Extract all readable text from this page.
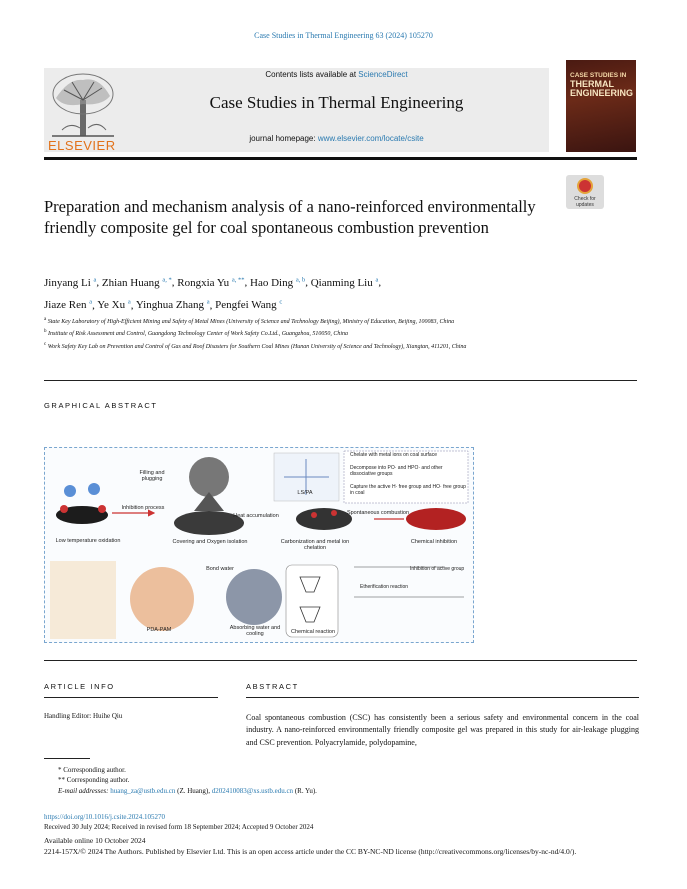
Case Studies in Thermal Engineering 63 (2024) 105270
ELSEVIER
Contents lists available at ScienceDirect
Case Studies in Thermal Engineering
journal homepage: www.elsevier.com/locate/csite
CASE STUDIES IN
THERMAL ENGINEERING
Check for updates
Preparation and mechanism analysis of a nano-reinforced environmentally friendly composite gel for coal spontaneous combustion prevention
Jinyang Li $^a$, Zhian Huang $^{a, *}$, Rongxia Yu $^{a, **}$, Hao Ding $^{a, b}$, Qianming Liu $^a$,
Jiaze Ren $^a$, Ye Xu $^a$, Yinghua Zhang $^a$, Pengfei Wang $^c$
$^a$ State Key Laboratory of High-Efficient Mining and Safety of Metal Mines (University of Science and Technology Beijing), Ministry of Education, Beijing, 100083, China
$^b$ Institute of Risk Assessment and Control, Guangdong Technology Center of Work Safety Co.Ltd., Guangzhou, 510050, China
$^c$ Work Safety Key Lab on Prevention and Control of Gas and Roof Disasters for Southern Coal Mines (Hunan University of Science and Technology), Xiangtan, 411201, China
GRAPHICAL ABSTRACT
Low temperature oxidation
Inhibition process
Filling and plugging
Covering and Oxygen isolation
Heat accumulation
LS/PA
Carbonization and metal ion chelation
Spontaneous combustion
Chemical inhibition
Chelate with metal ions on coal surface
Decompose into PO· and HPO· and other dissociative groups
Capture the active H· free group and HO· free group in coal
Bond water
PDA-PAM	Absorbing water and cooling	Chemical reaction
Inhibition of active group
Etherification reaction
ARTICLE INFO
Handling Editor: Huihe Qiu
ABSTRACT
Coal spontaneous combustion (CSC) has consistently been a serious safety and environmental concern in the coal industry. A nano-reinforced environmentally friendly composite gel was prepared in this study for air-leakage plugging and CSC prevention. Polyacrylamide, polydopamine,
* Corresponding author.
** Corresponding author.
E-mail addresses: huang_za@ustb.edu.cn (Z. Huang), d202410083@xs.ustb.edu.cn (R. Yu).
https://doi.org/10.1016/j.csite.2024.105270
Received 30 July 2024; Received in revised form 18 September 2024; Accepted 9 October 2024
Available online 10 October 2024
2214-157X/© 2024 The Authors. Published by Elsevier Ltd. This is an open access article under the CC BY-NC-ND license (http://creativecommons.org/licenses/by-nc-nd/4.0/).
